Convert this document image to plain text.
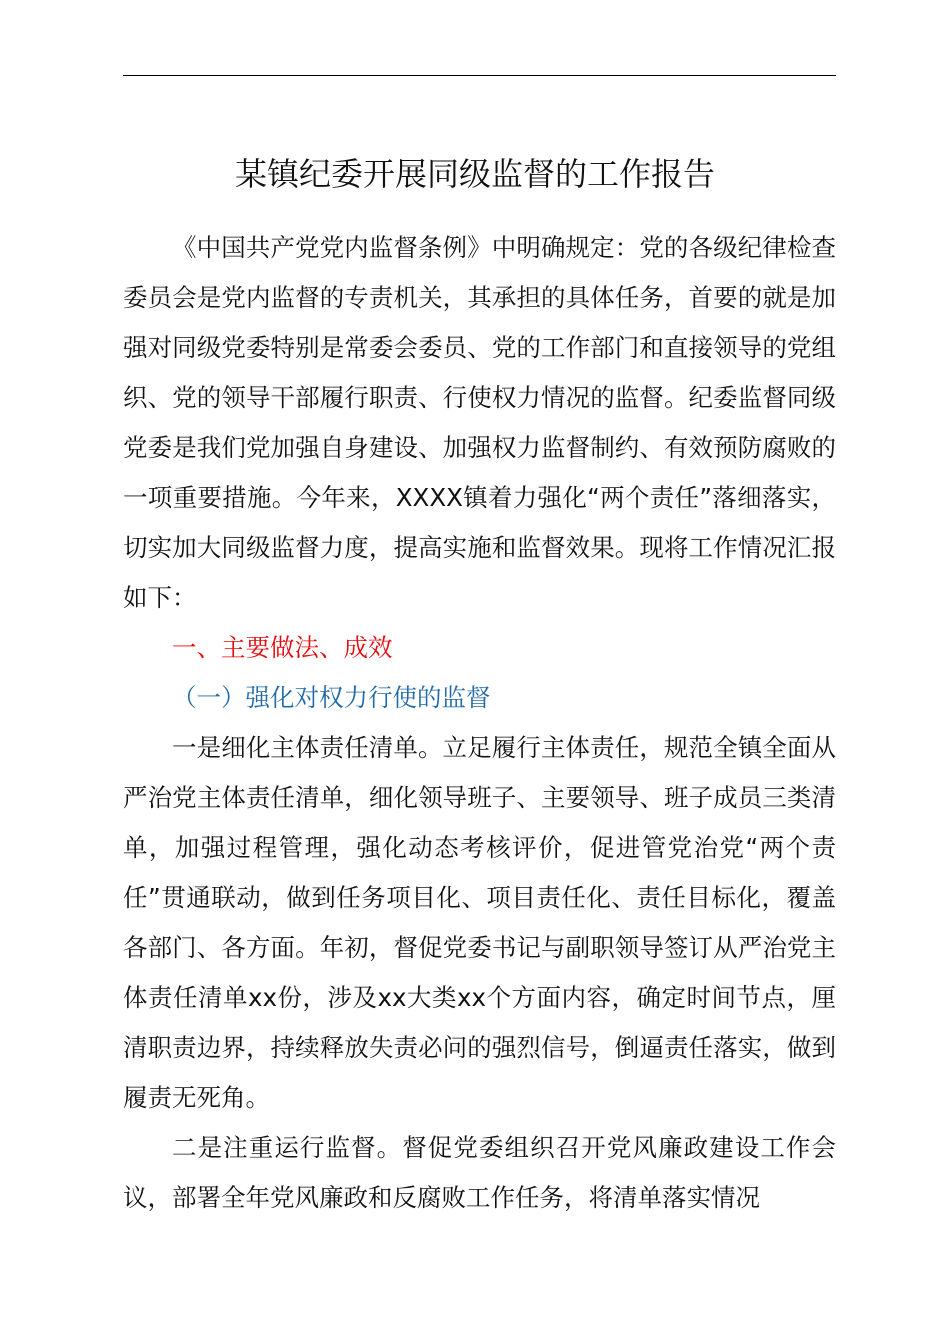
某镇纪委开展同级监督的工作报告

《中国共产党党内监督条例》中明确规定：党的各级纪律检查委员会是党内监督的专责机关，其承担的具体任务，首要的就是加强对同级党委特别是常委会委员、党的工作部门和直接领导的党组织、党的领导干部履行职责、行使权力情况的监督。纪委监督同级党委是我们党加强自身建设、加强权力监督制约、有效预防腐败的一项重要措施。今年来，XXXX镇着力强化“两个责任”落细落实，切实加大同级监督力度，提高实施和监督效果。现将工作情况汇报如下：

一、主要做法、成效

（一）强化对权力行使的监督

一是细化主体责任清单。立足履行主体责任，规范全镇全面从严治党主体责任清单，细化领导班子、主要领导、班子成员三类清单，加强过程管理，强化动态考核评价，促进管党治党“两个责任”贯通联动，做到任务项目化、项目责任化、责任目标化，覆盖各部门、各方面。年初，督促党委书记与副职领导签订从严治党主体责任清单xx份，涉及xx大类xx个方面内容，确定时间节点，厘清职责边界，持续释放失责必问的强烈信号，倒逼责任落实，做到履责无死角。

二是注重运行监督。督促党委组织召开党风廉政建设工作会议，部署全年党风廉政和反腐败工作任务，将清单落实情况
